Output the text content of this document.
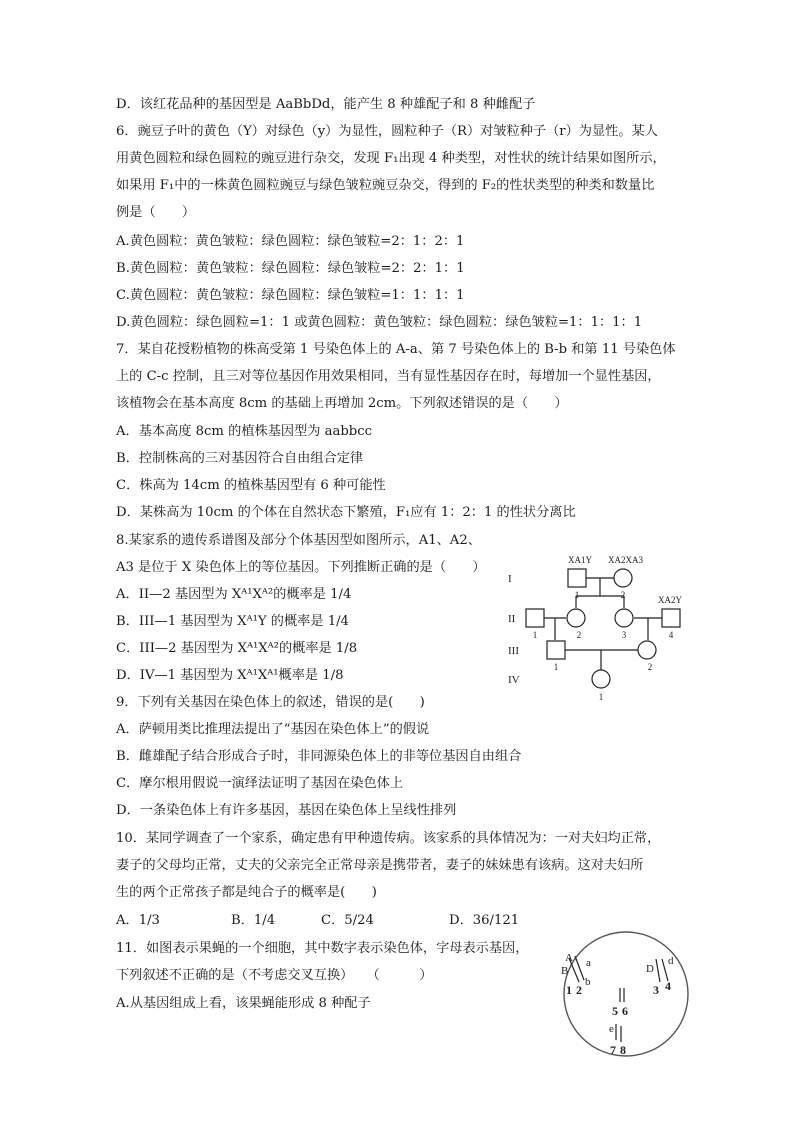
D．该红花品种的基因型是 AaBbDd，能产生 8 种雄配子和 8 种雌配子
6．豌豆子叶的黄色（Y）对绿色（y）为显性，圆粒种子（R）对皱粒种子（r）为显性。某人
用黄色圆粒和绿色圆粒的豌豆进行杂交，发现 F₁出现 4 种类型，对性状的统计结果如图所示，
如果用 F₁中的一株黄色圆粒豌豆与绿色皱粒豌豆杂交，得到的 F₂的性状类型的种类和数量比
例是（　　）
A.黄色圆粒：黄色皱粒：绿色圆粒：绿色皱粒=2：1：2：1
B.黄色圆粒：黄色皱粒：绿色圆粒：绿色皱粒=2：2：1：1
C.黄色圆粒：黄色皱粒：绿色圆粒：绿色皱粒=1：1：1：1
D.黄色圆粒：绿色圆粒=1：1 或黄色圆粒：黄色皱粒：绿色圆粒：绿色皱粒=1：1：1：1
7．某自花授粉植物的株高受第 1 号染色体上的 A-a、第 7 号染色体上的 B-b 和第 11 号染色体
上的 C-c 控制，且三对等位基因作用效果相同，当有显性基因存在时，每增加一个显性基因，
该植物会在基本高度 8cm 的基础上再增加 2cm。下列叙述错误的是（　　）
A．基本高度 8cm 的植株基因型为 aabbcc
B．控制株高的三对基因符合自由组合定律
C．株高为 14cm 的植株基因型有 6 种可能性
D．某株高为 10cm 的个体在自然状态下繁殖，F₁应有 1：2：1 的性状分离比
8.某家系的遗传系谱图及部分个体基因型如图所示，A1、A2、
A3 是位于 X 染色体上的等位基因。下列推断正确的是（　　）
A．II—2 基因型为 Xᴬ¹Xᴬ²的概率是 1/4
B．III—1 基因型为 Xᴬ¹Y 的概率是 1/4
C．III—2 基因型为 Xᴬ¹Xᴬ²的概率是 1/8
D．IV—1 基因型为 Xᴬ¹Xᴬ¹概率是 1/8
9．下列有关基因在染色体上的叙述，错误的是(　　)
A．萨顿用类比推理法提出了“基因在染色体上”的假说
B．雌雄配子结合形成合子时，非同源染色体上的非等位基因自由组合
C．摩尔根用假说一演绎法证明了基因在染色体上
D．一条染色体上有许多基因，基因在染色体上呈线性排列
10．某同学调查了一个家系，确定患有甲种遗传病。该家系的具体情况为：一对夫妇均正常，
妻子的父母均正常，丈夫的父亲完全正常母亲是携带者，妻子的妹妹患有该病。这对夫妇所
生的两个正常孩子都是纯合子的概率是(　　)
A．1/3	B．1/4	C．5/24	D．36/121
11．如图表示果蝇的一个细胞，其中数字表示染色体，字母表示基因，
下列叙述不正确的是（不考虑交叉互换）　　（　　　）
A.从基因组成上看，该果蝇能形成 8 种配子
I
II
III
IV
XA1Y XA2XA3
XA2Y
1	2
1	2	3	4
1	2
1
A
B
a
b
D
d
e
1 2	3 4
5 6
7 8
